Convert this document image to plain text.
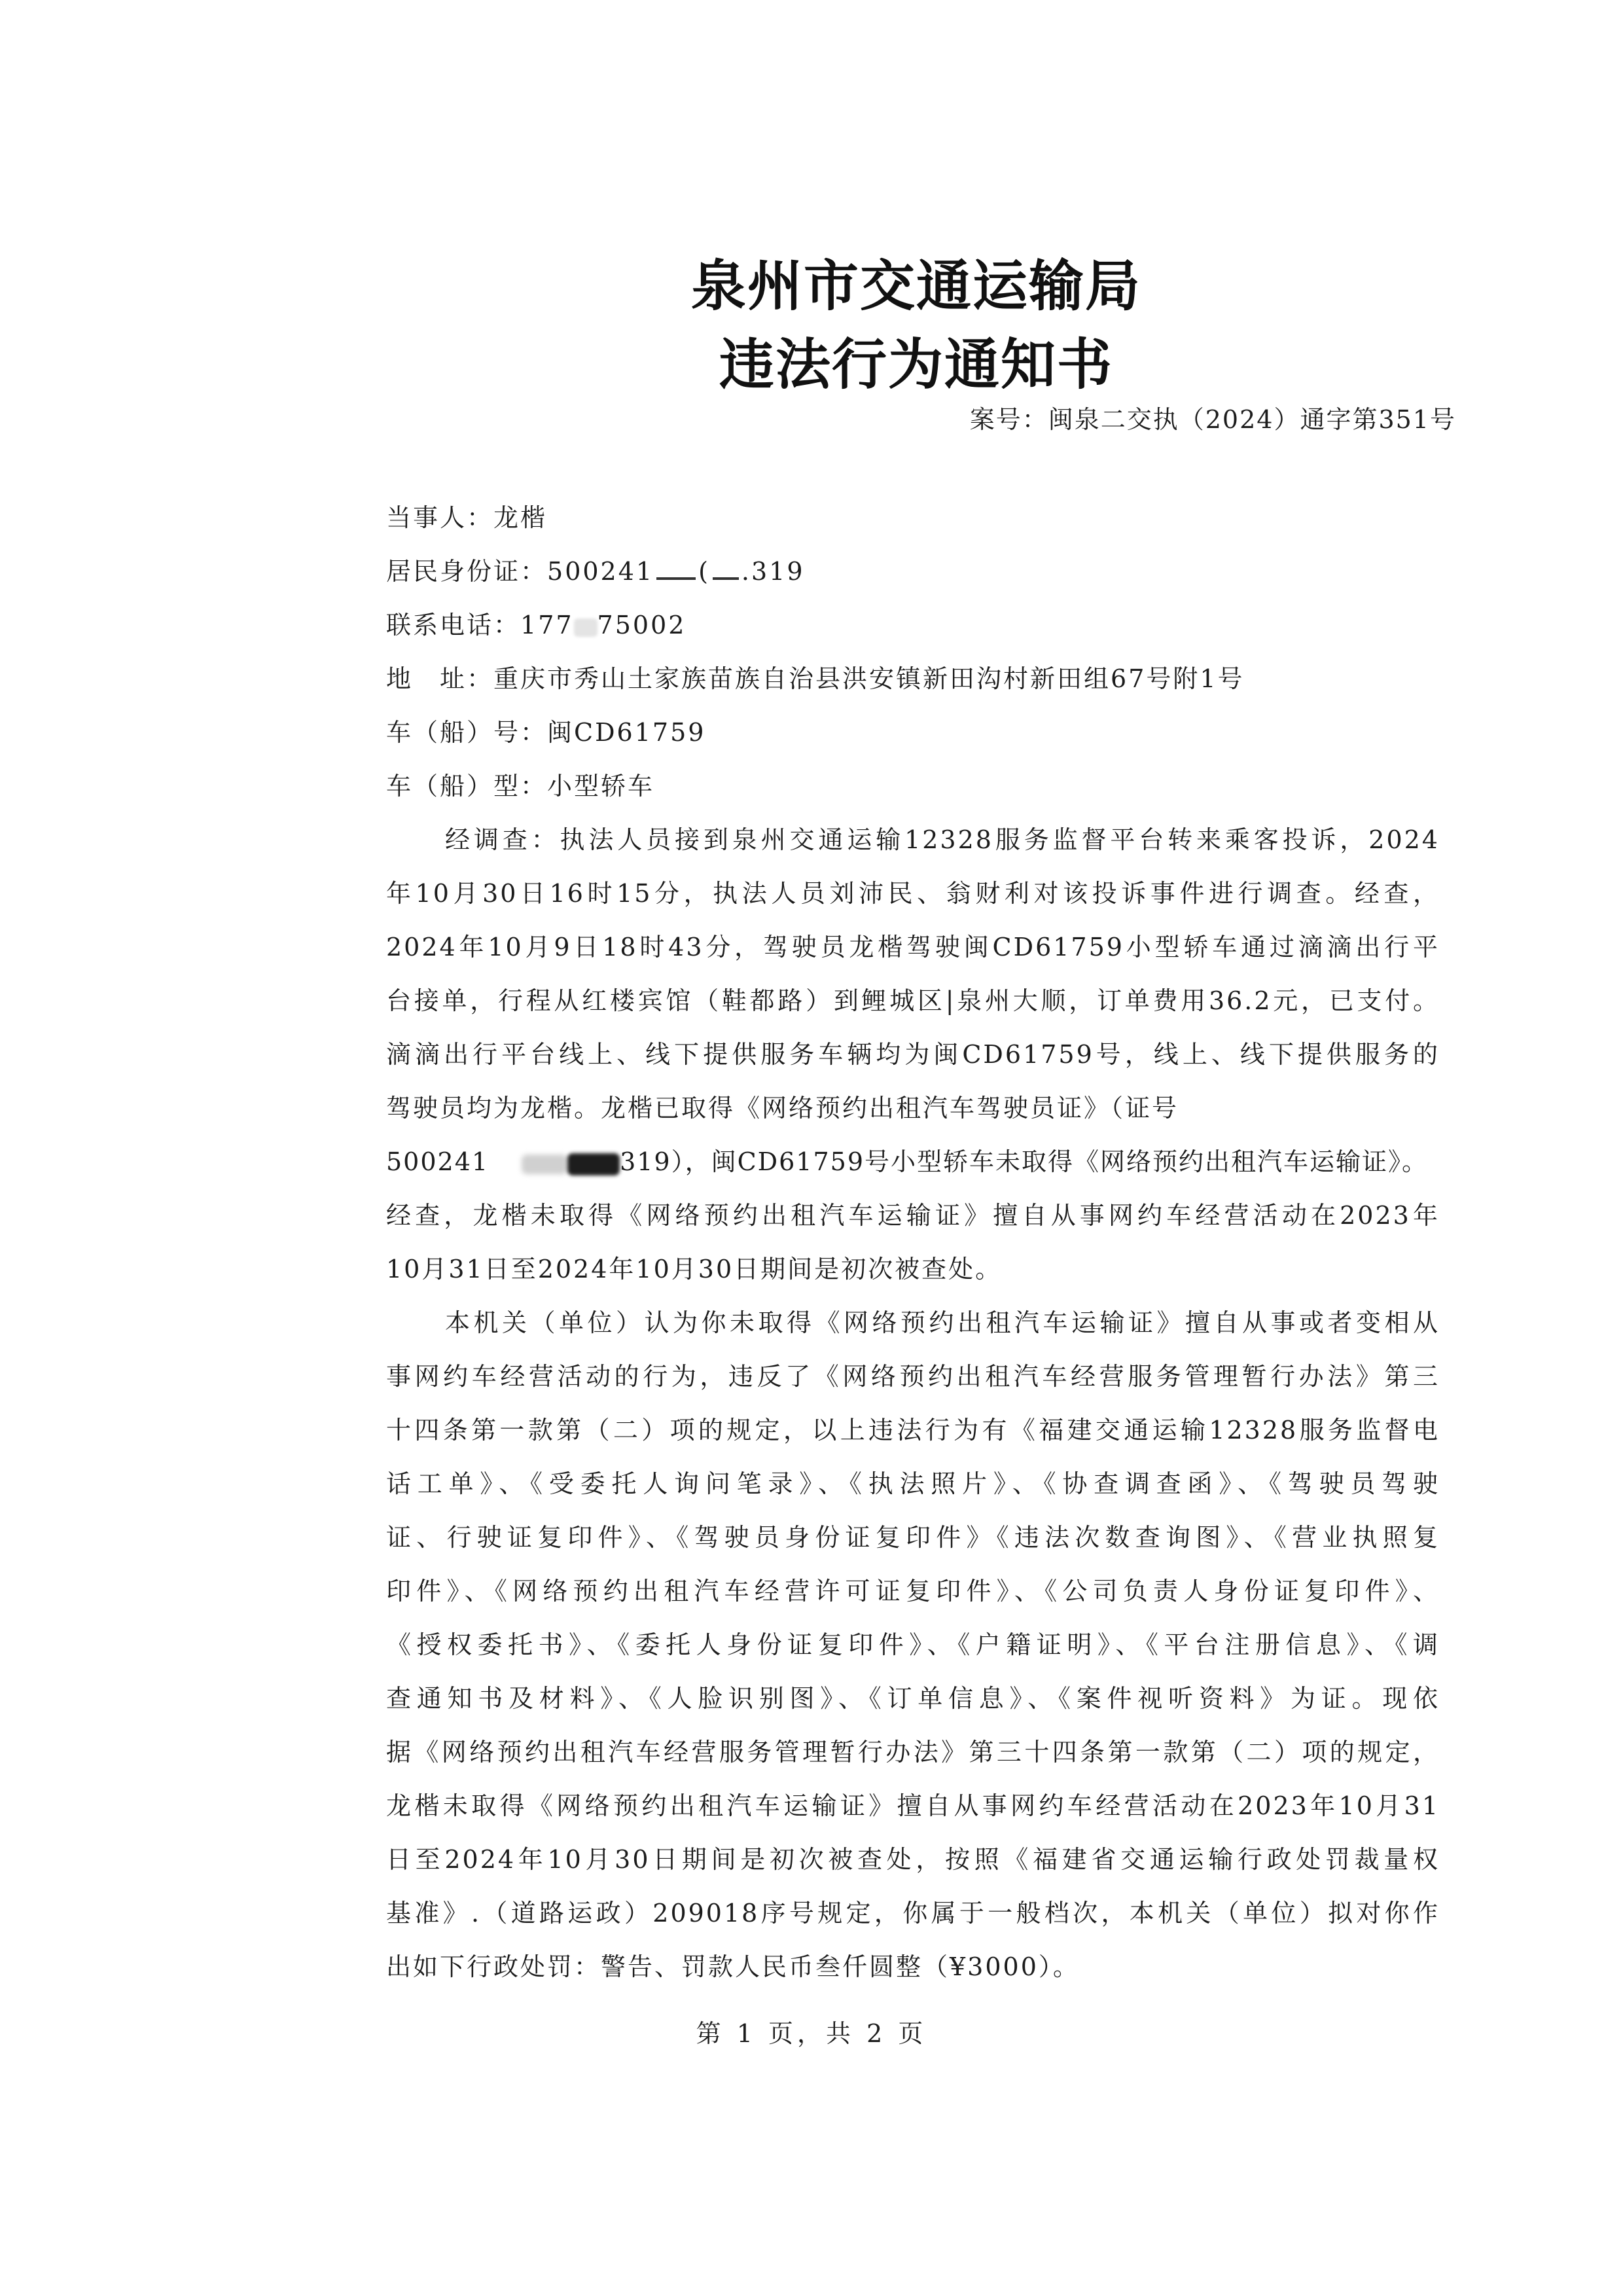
泉州市交通运输局
违法行为通知书
案号：闽泉二交执（2024）通字第351号
当事人：龙楷
居民身份证：500241 ( .319
联系电话：177 75002
地　址：重庆市秀山土家族苗族自治县洪安镇新田沟村新田组67号附1号
车（船）号：闽CD61759
车（船）型：小型轿车
经调查：执法人员接到泉州交通运输12328服务监督平台转来乘客投诉，2024
年10月30日16时15分，执法人员刘沛民、翁财利对该投诉事件进行调查。经查，
2024年10月9日18时43分，驾驶员龙楷驾驶闽CD61759小型轿车通过滴滴出行平
台接单，行程从红楼宾馆（鞋都路）到鲤城区|泉州大顺，订单费用36.2元，已支付。
滴滴出行平台线上、线下提供服务车辆均为闽CD61759号，线上、线下提供服务的
驾驶员均为龙楷。龙楷已取得《网络预约出租汽车驾驶员证》（证号
500241	319），闽CD61759号小型轿车未取得《网络预约出租汽车运输证》。
经查，龙楷未取得《网络预约出租汽车运输证》擅自从事网约车经营活动在2023年
10月31日至2024年10月30日期间是初次被查处。
本机关（单位）认为你未取得《网络预约出租汽车运输证》擅自从事或者变相从
事网约车经营活动的行为，违反了《网络预约出租汽车经营服务管理暂行办法》第三
十四条第一款第（二）项的规定，以上违法行为有《福建交通运输12328服务监督电
话工单》、《受委托人询问笔录》、《执法照片》、《协查调查函》、《驾驶员驾驶
证、行驶证复印件》、《驾驶员身份证复印件》《违法次数查询图》、《营业执照复
印件》、《网络预约出租汽车经营许可证复印件》、《公司负责人身份证复印件》、
《授权委托书》、《委托人身份证复印件》、《户籍证明》、《平台注册信息》、《调
查通知书及材料》、《人脸识别图》、《订单信息》、《案件视听资料》为证。现依
据《网络预约出租汽车经营服务管理暂行办法》第三十四条第一款第（二）项的规定，
龙楷未取得《网络预约出租汽车运输证》擅自从事网约车经营活动在2023年10月31
日至2024年10月30日期间是初次被查处，按照《福建省交通运输行政处罚裁量权
基准》.（道路运政）209018序号规定，你属于一般档次，本机关（单位）拟对你作
出如下行政处罚：警告、罚款人民币叁仟圆整（¥3000）。
第 1 页，共 2 页
